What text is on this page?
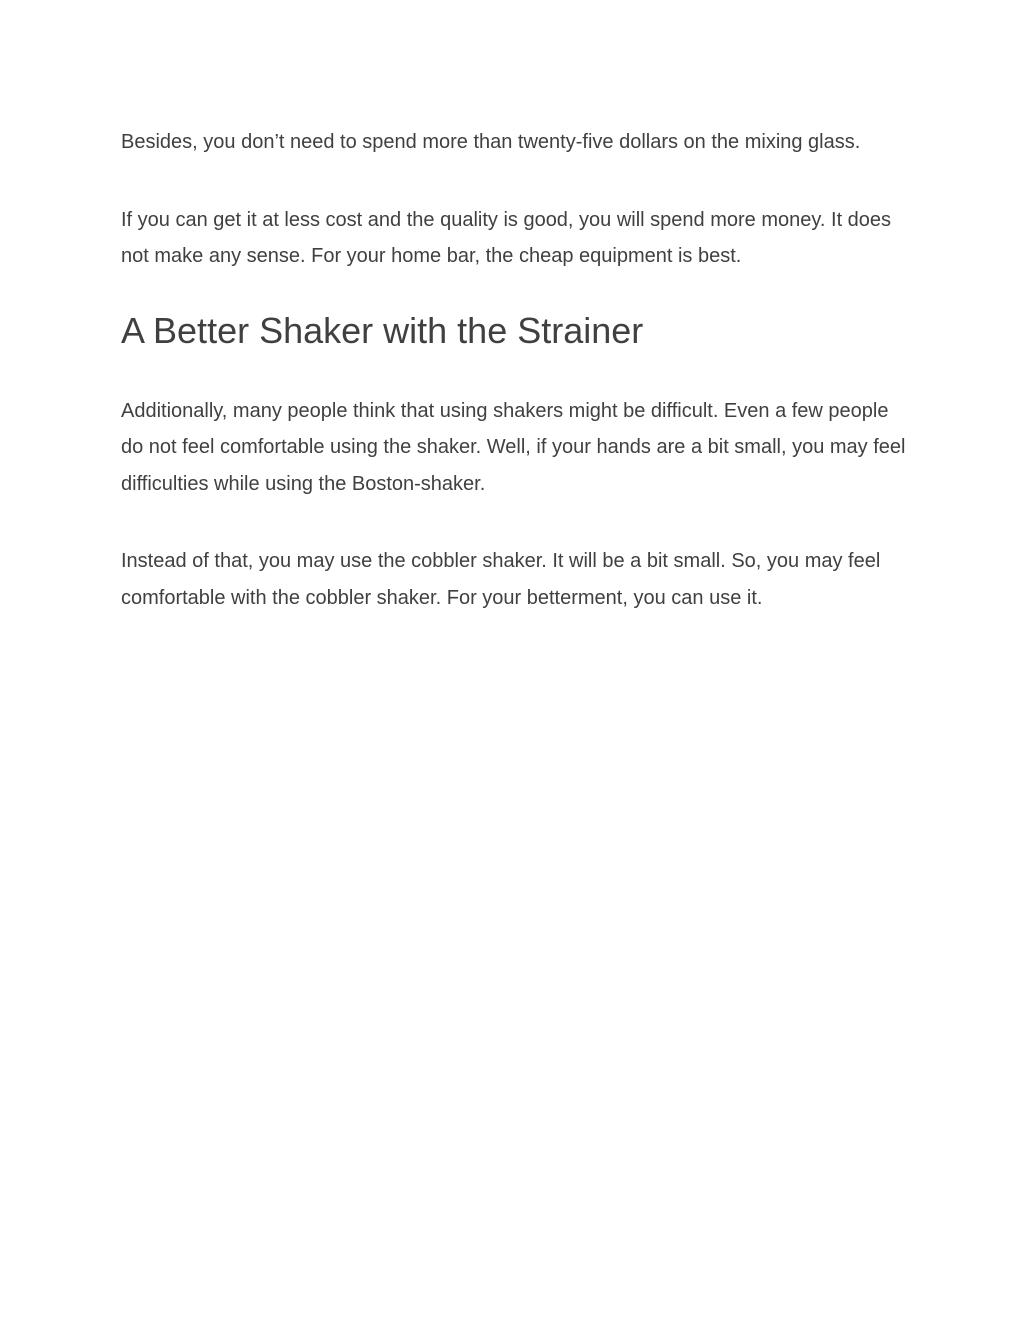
Besides, you don’t need to spend more than twenty-five dollars on the mixing glass.

If you can get it at less cost and the quality is good, you will spend more money. It does not make any sense. For your home bar, the cheap equipment is best.

A Better Shaker with the Strainer

Additionally, many people think that using shakers might be difficult. Even a few people do not feel comfortable using the shaker. Well, if your hands are a bit small, you may feel difficulties while using the Boston-shaker.

Instead of that, you may use the cobbler shaker. It will be a bit small. So, you may feel comfortable with the cobbler shaker. For your betterment, you can use it.
